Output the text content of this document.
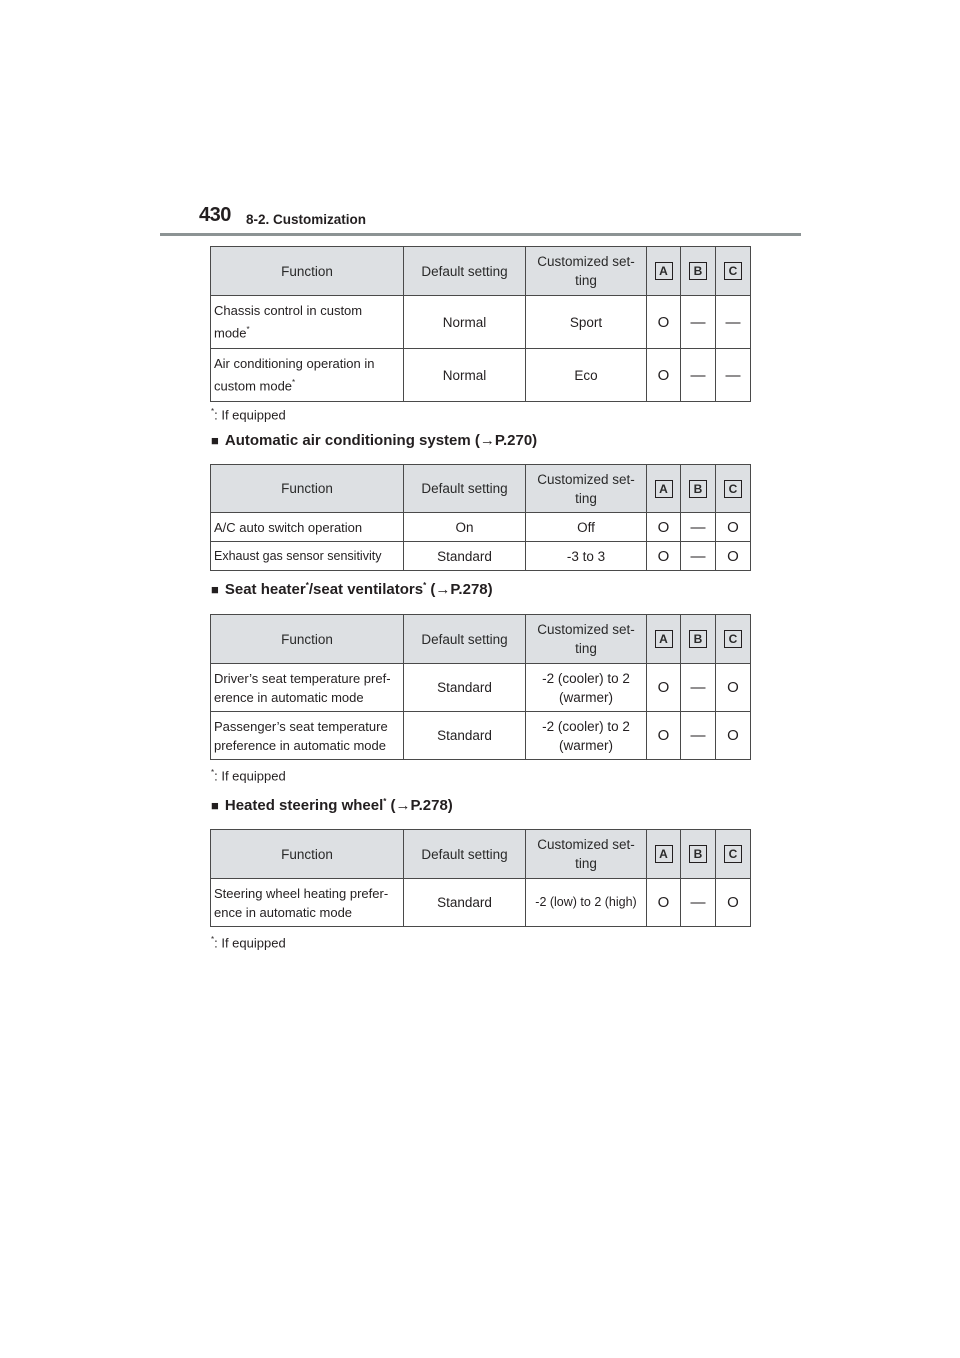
430 8-2. Customization
Function	Default setting	Customized set-
ting	A	B	C
Chassis control in custom
mode*	Normal	Sport	O	—	—
Air conditioning operation in
custom mode*	Normal	Eco	O	—	—
*: If equipped
■ Automatic air conditioning system (→P.270)
Function	Default setting	Customized set-
ting	A	B	C
A/C auto switch operation	On	Off	O	—	O
Exhaust gas sensor sensitivity	Standard	-3 to 3	O	—	O
■ Seat heater*/seat ventilators* (→P.278)
Function	Default setting	Customized set-
ting	A	B	C
Driver’s seat temperature pref-
erence in automatic mode	Standard	-2 (cooler) to 2
(warmer)	O	—	O
Passenger’s seat temperature
preference in automatic mode	Standard	-2 (cooler) to 2
(warmer)	O	—	O
*: If equipped
■ Heated steering wheel* (→P.278)
Function	Default setting	Customized set-
ting	A	B	C
Steering wheel heating prefer-
ence in automatic mode	Standard	-2 (low) to 2 (high)	O	—	O
*: If equipped
